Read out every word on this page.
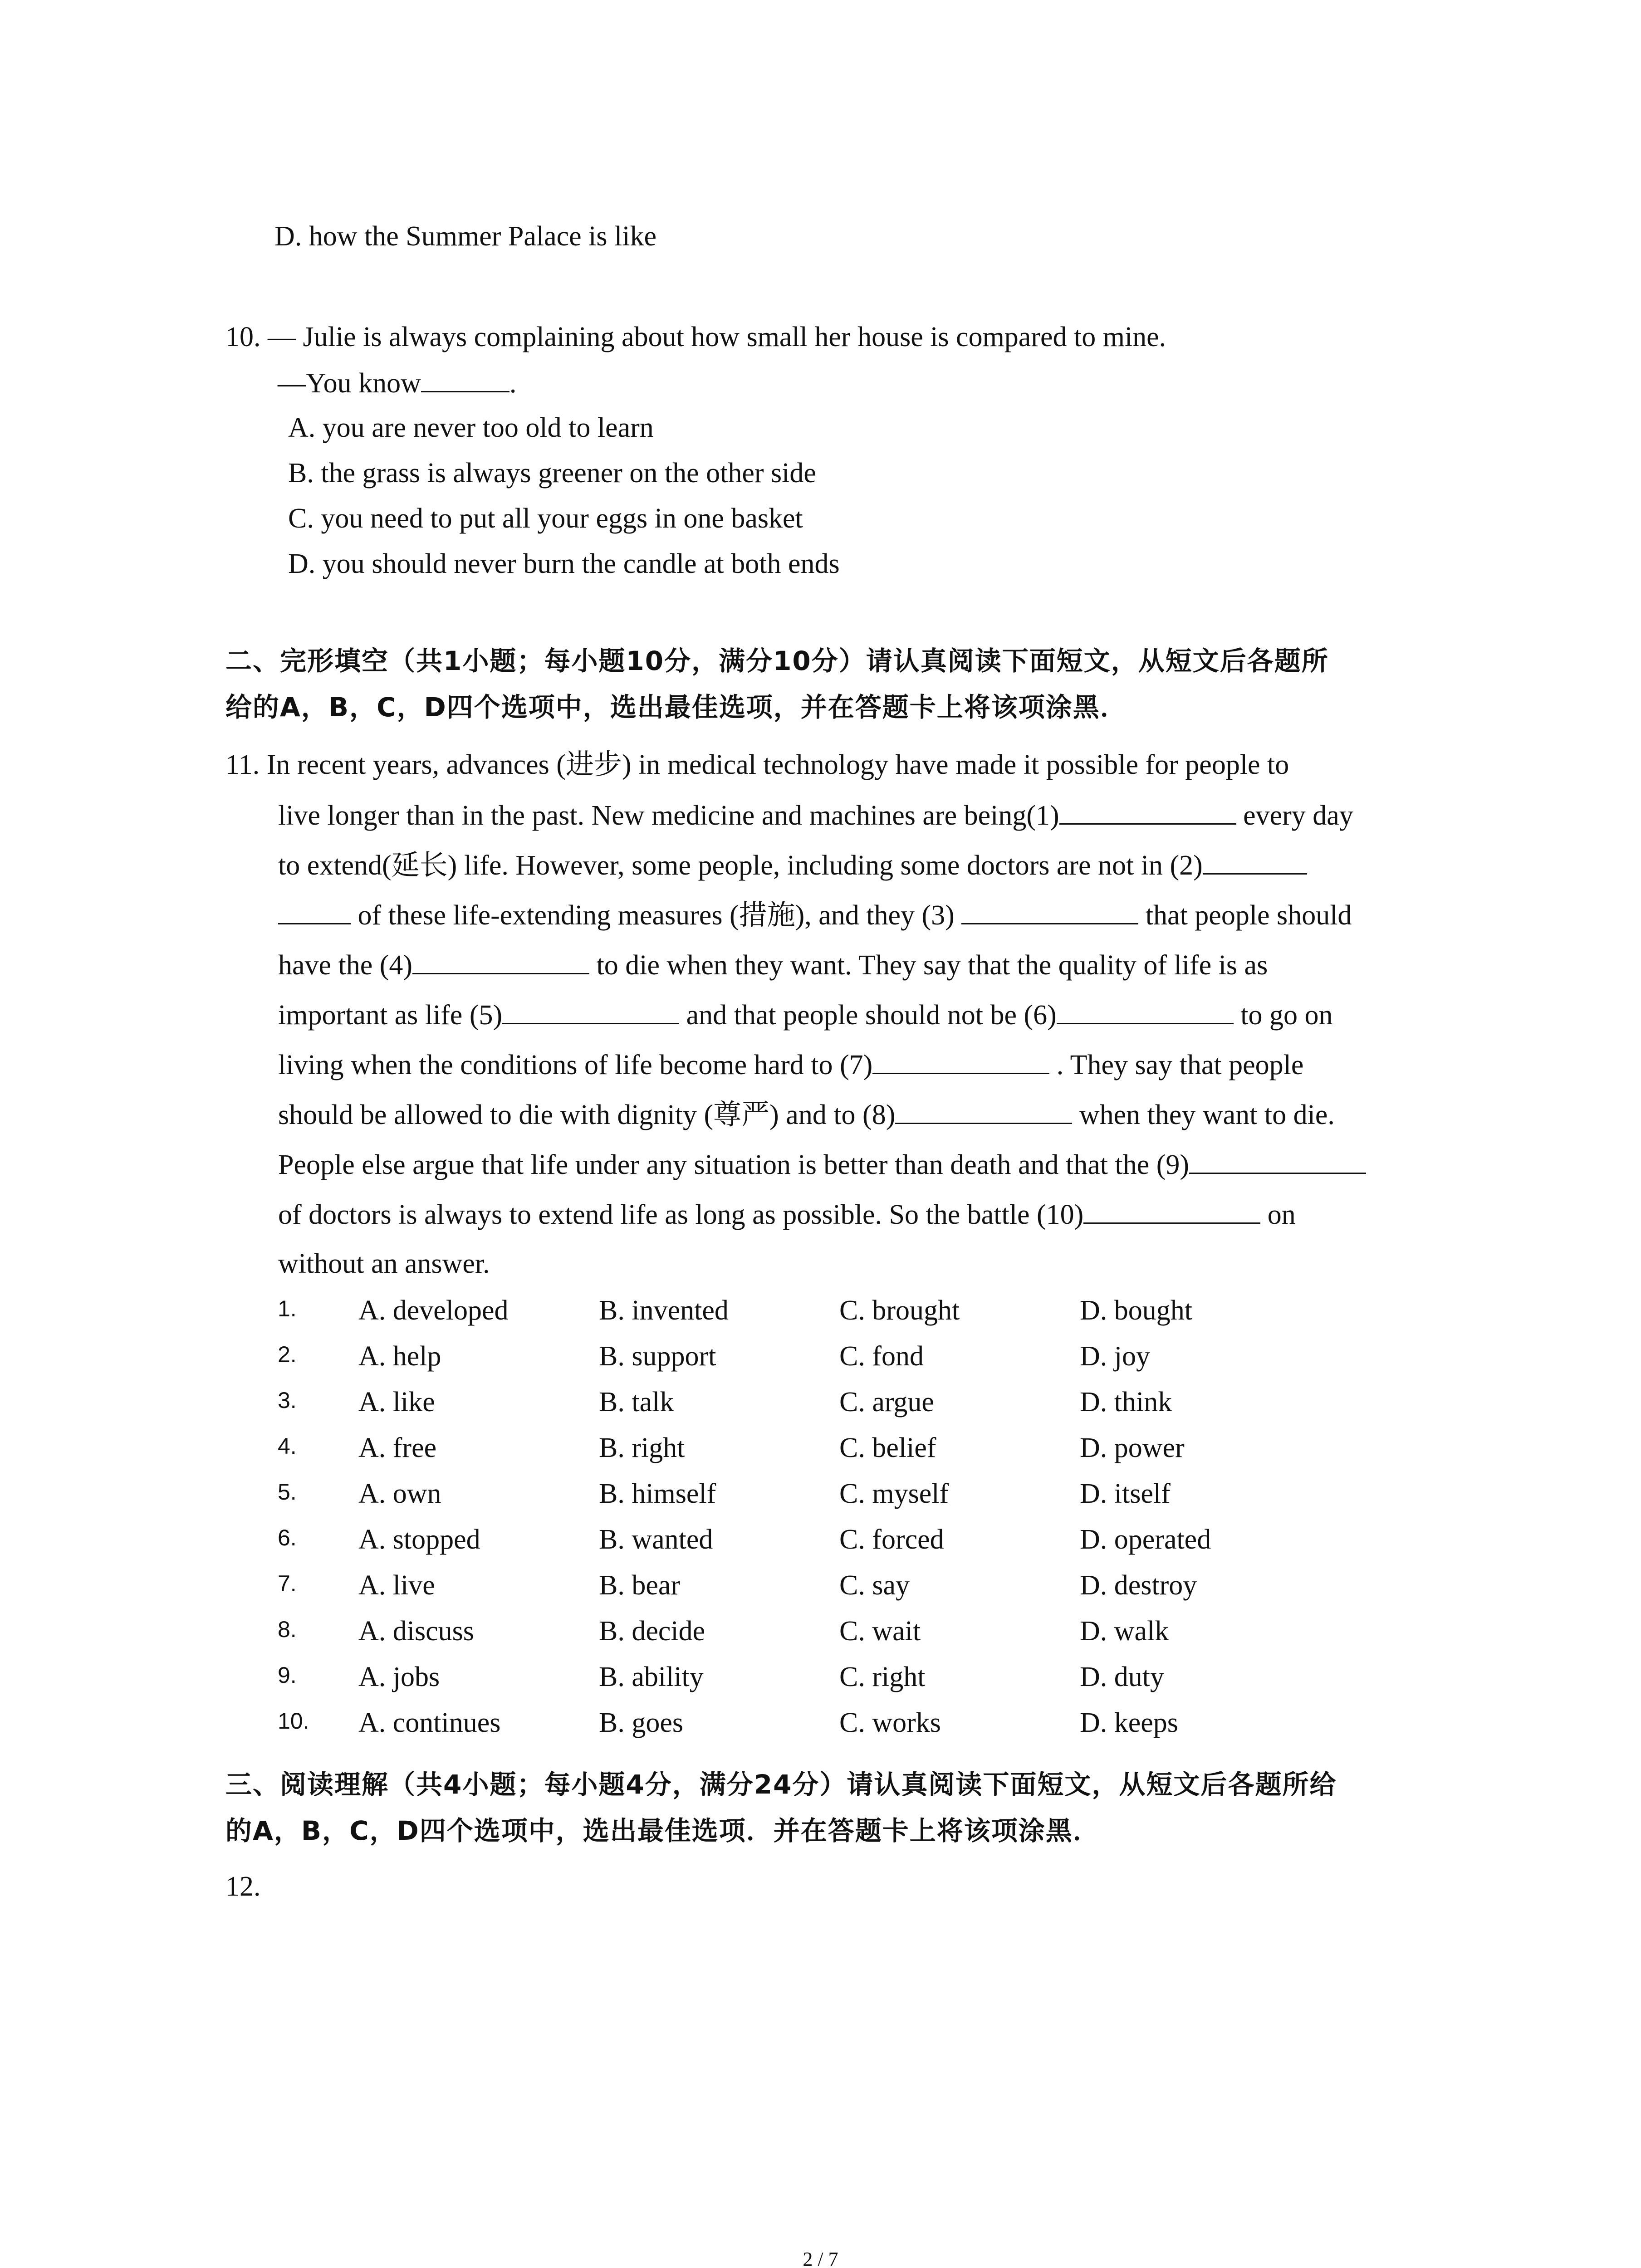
D. how the Summer Palace is like
10. — Julie is always complaining about how small her house is compared to mine.
—You know	.
A. you are never too old to learn
B. the grass is always greener on the other side
C. you need to put all your eggs in one basket
D. you should never burn the candle at both ends
二、完形填空（共1小题；每小题10分，满分10分）请认真阅读下面短文，从短文后各题所
给的A，B，C，D四个选项中，选出最佳选项，并在答题卡上将该项涂黑．
11. In recent years, advances (进步) in medical technology have made it possible for people to
live longer than in the past. New medicine and machines are being(1)	every day
to extend(延长) life. However, some people, including some doctors are not in (2)
of these life-extending measures (措施), and they (3)	that people should
have the (4)	to die when they want. They say that the quality of life is as
important as life (5)	and that people should not be (6)	to go on
living when the conditions of life become hard to (7)	. They say that people
should be allowed to die with dignity (尊严) and to (8)	when they want to die.
People else argue that life under any situation is better than death and that the (9)
of doctors is always to extend life as long as possible. So the battle (10)	on
without an answer.
1. A. developed	B. invented	C. brought	D. bought
2. A. help	B. support	C. fond	D. joy
3. A. like	B. talk	C. argue	D. think
4. A. free	B. right	C. belief	D. power
5. A. own	B. himself	C. myself	D. itself
6. A. stopped	B. wanted	C. forced	D. operated
7. A. live	B. bear	C. say	D. destroy
8. A. discuss	B. decide	C. wait	D. walk
9. A. jobs	B. ability	C. right	D. duty
10. A. continues	B. goes	C. works	D. keeps
三、阅读理解（共4小题；每小题4分，满分24分）请认真阅读下面短文，从短文后各题所给
的A，B，C，D四个选项中，选出最佳选项．并在答题卡上将该项涂黑．
12.
2 / 7
